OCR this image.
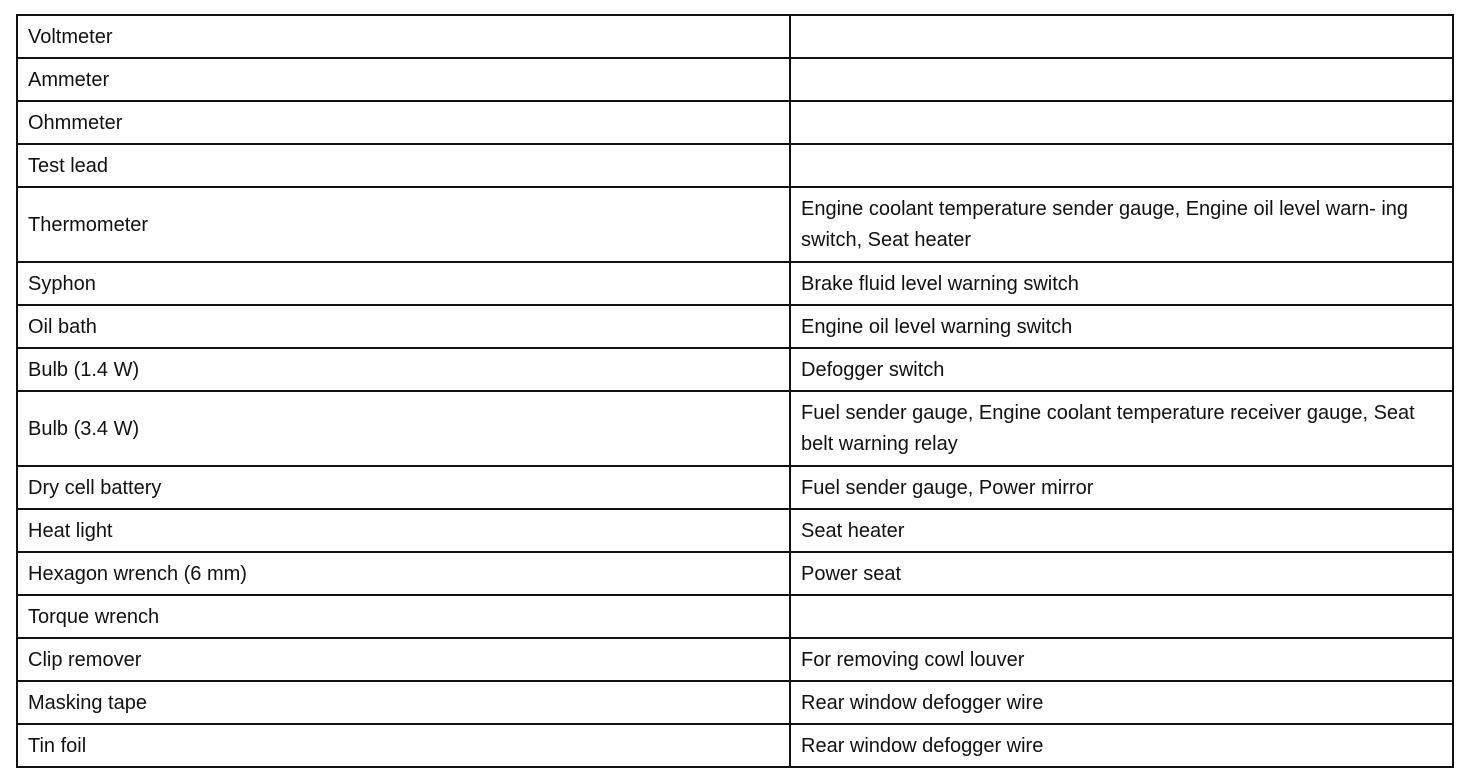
Voltmeter	
Ammeter	
Ohmmeter	
Test lead	
Thermometer	Engine coolant temperature sender gauge, Engine oil level warn- ing switch, Seat heater
Syphon	Brake fluid level warning switch
Oil bath	Engine oil level warning switch
Bulb (1.4 W)	Defogger switch
Bulb (3.4 W)	Fuel sender gauge, Engine coolant temperature receiver gauge, Seat belt warning relay
Dry cell battery	Fuel sender gauge, Power mirror
Heat light	Seat heater
Hexagon wrench (6 mm)	Power seat
Torque wrench	
Clip remover	For removing cowl louver
Masking tape	Rear window defogger wire
Tin foil	Rear window defogger wire
